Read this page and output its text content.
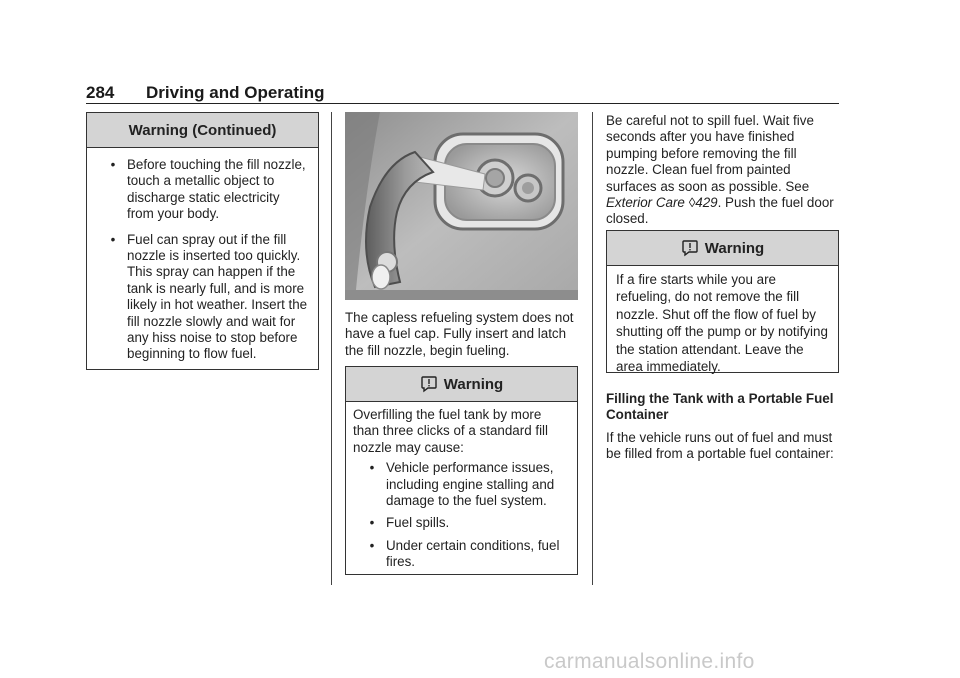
284 Driving and Operating
Warning (Continued)
• Before touching the fill nozzle, touch a metallic object to discharge static electricity from your body.
• Fuel can spray out if the fill nozzle is inserted too quickly. This spray can happen if the tank is nearly full, and is more likely in hot weather. Insert the fill nozzle slowly and wait for any hiss noise to stop before beginning to flow fuel.
The capless refueling system does not have a fuel cap. Fully insert and latch the fill nozzle, begin fueling.
Warning
Overfilling the fuel tank by more than three clicks of a standard fill nozzle may cause:
• Vehicle performance issues, including engine stalling and damage to the fuel system.
• Fuel spills.
• Under certain conditions, fuel fires.
Be careful not to spill fuel. Wait five seconds after you have finished pumping before removing the fill nozzle. Clean fuel from painted surfaces as soon as possible. See Exterior Care ◊429. Push the fuel door closed.
Warning
If a fire starts while you are refueling, do not remove the fill nozzle. Shut off the flow of fuel by shutting off the pump or by notifying the station attendant. Leave the area immediately.
Filling the Tank with a Portable Fuel Container
If the vehicle runs out of fuel and must be filled from a portable fuel container:
carmanualsonline.info
